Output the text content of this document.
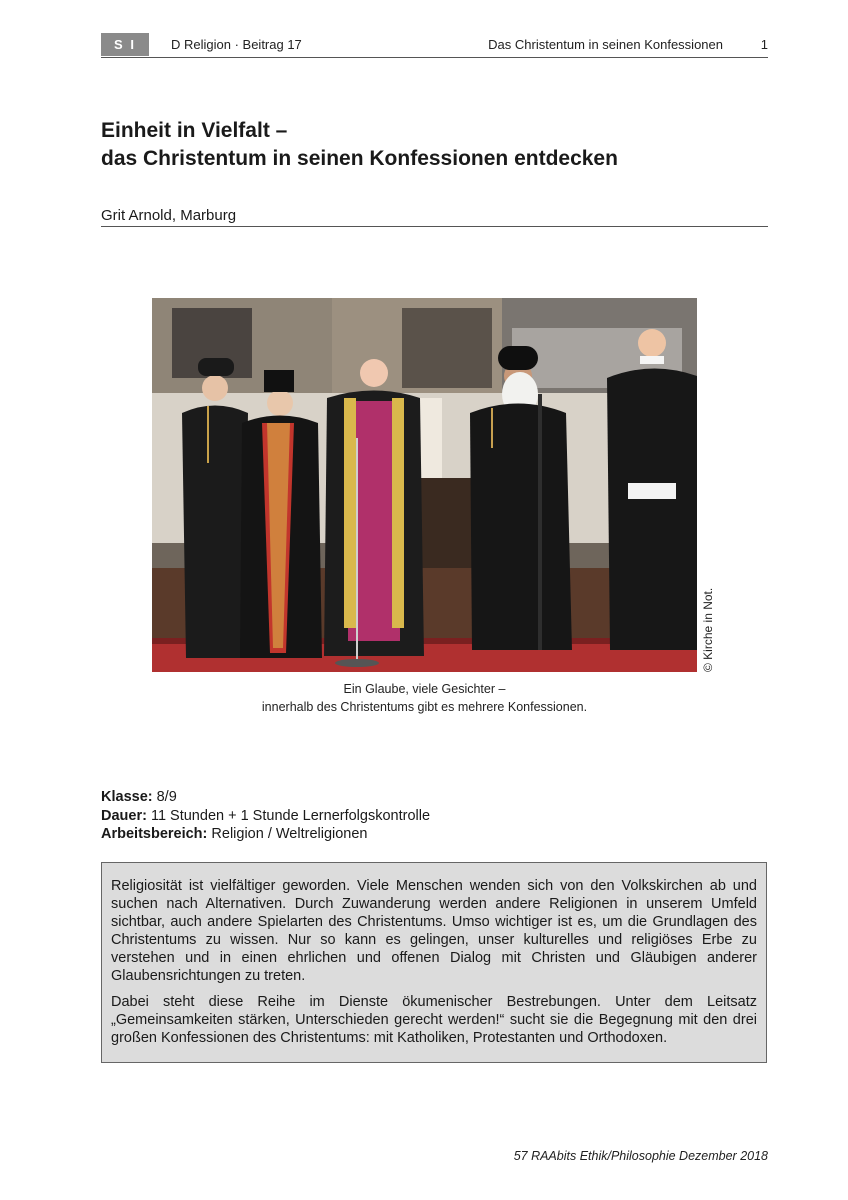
S I	D Religion · Beitrag 17	Das Christentum in seinen Konfessionen	1
Einheit in Vielfalt –
das Christentum in seinen Konfessionen entdecken
Grit Arnold, Marburg
© Kirche in Not.
Ein Glaube, viele Gesichter –
innerhalb des Christentums gibt es mehrere Konfessionen.
Klasse: 8/9
Dauer: 11 Stunden + 1 Stunde Lernerfolgskontrolle
Arbeitsbereich: Religion / Weltreligionen

Religiosität ist vielfältiger geworden. Viele Menschen wenden sich von den Volkskirchen ab und suchen nach Alternativen. Durch Zuwanderung werden andere Religionen in unserem Umfeld sichtbar, auch andere Spielarten des Christentums. Umso wichtiger ist es, um die Grundlagen des Christentums zu wissen. Nur so kann es gelingen, unser kulturelles und religiöses Erbe zu verstehen und in einen ehrlichen und offenen Dialog mit Christen und Gläubigen anderer Glaubensrichtungen zu treten.

Dabei steht diese Reihe im Dienste ökumenischer Bestrebungen. Unter dem Leitsatz „Gemeinsamkeiten stärken, Unterschieden gerecht werden!“ sucht sie die Begegnung mit den drei großen Konfessionen des Christentums: mit Katholiken, Protestanten und Orthodoxen.

57 RAAbits Ethik/Philosophie Dezember 2018
